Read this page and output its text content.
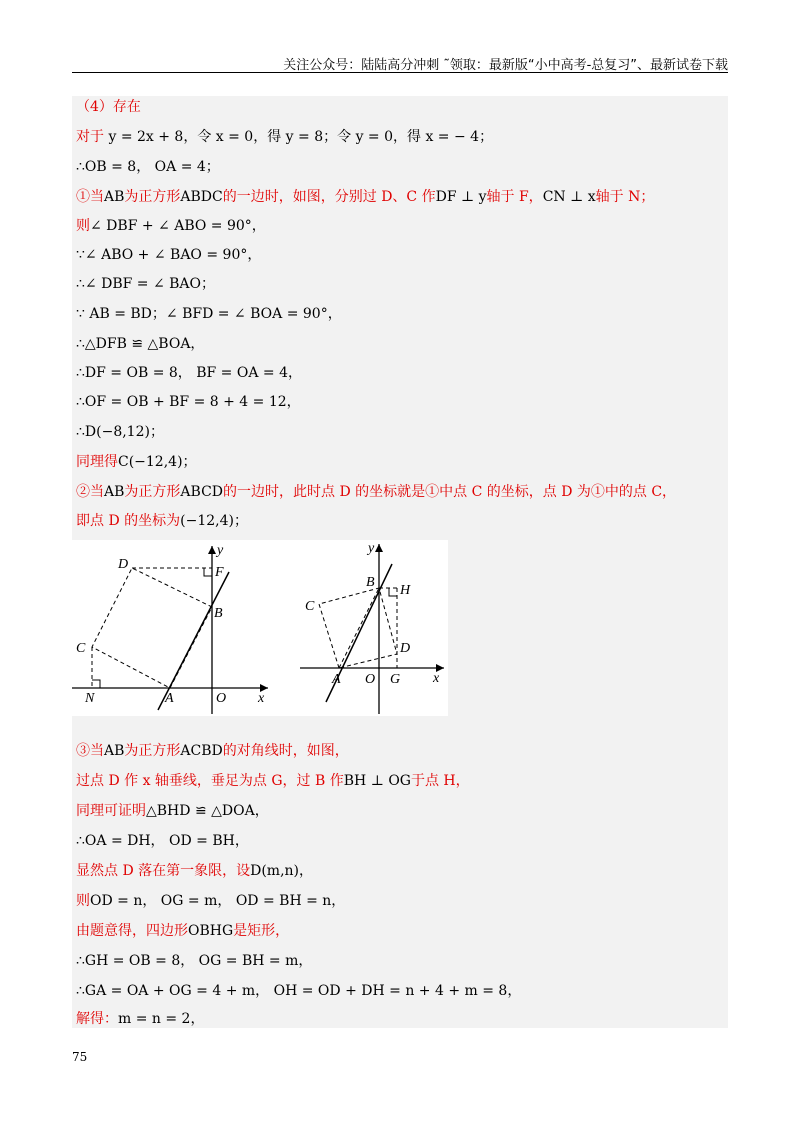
关注公众号：陆陆高分冲刺 ˜领取：最新版“小中高考-总复习”、最新试卷下载
（4）存在
对于 y = 2x + 8，令 x = 0，得 y = 8；令 y = 0，得 x = − 4；
∴OB = 8， OA = 4；
①当AB为正方形ABDC的一边时，如图，分别过 D、C 作DF ⊥ y轴于 F，CN ⊥ x轴于 N；
则∠ DBF + ∠ ABO = 90°，
∵∠ ABO + ∠ BAO = 90°，
∴∠ DBF = ∠ BAO；
∵ AB = BD；∠ BFD = ∠ BOA = 90°，
∴△DFB ≌ △BOA，
∴DF = OB = 8， BF = OA = 4，
∴OF = OB + BF = 8 + 4 = 12，
∴D(−8,12)；
同理得C(−12,4)；
②当AB为正方形ABCD的一边时，此时点 D 的坐标就是①中点 C 的坐标，点 D 为①中的点 C，
即点 D 的坐标为(−12,4)；
D
y
F
B
C
N	A	O x
y
B
H
C
D
A O G x
③当AB为正方形ACBD的对角线时，如图，
过点 D 作 x 轴垂线，垂足为点 G，过 B 作BH ⊥ OG于点 H，
同理可证明△BHD ≌ △DOA，
∴OA = DH， OD = BH，
显然点 D 落在第一象限，设D(m,n)，
则OD = n， OG = m， OD = BH = n，
由题意得，四边形OBHG是矩形，
∴GH = OB = 8， OG = BH = m，
∴GA = OA + OG = 4 + m， OH = OD + DH = n + 4 + m = 8，
解得：m = n = 2，
75
